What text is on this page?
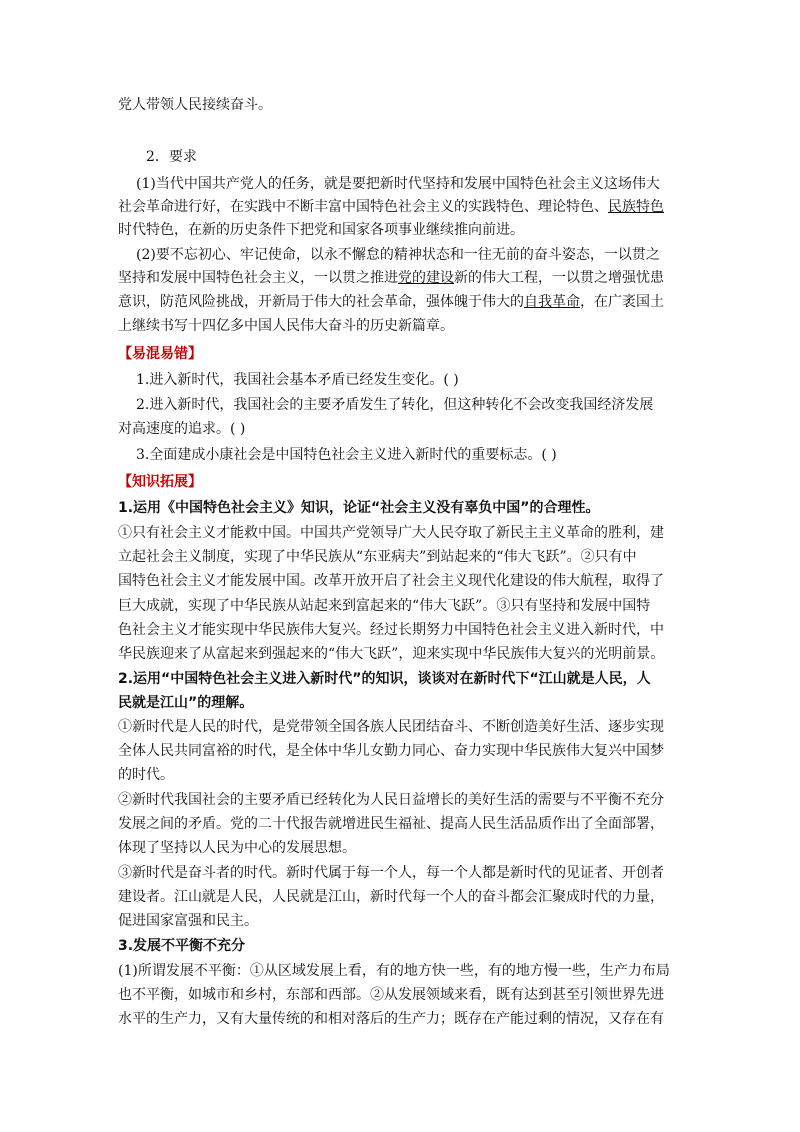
党人带领人民接续奋斗。
2．要求
(1)当代中国共产党人的任务，就是要把新时代坚持和发展中国特色社会主义这场伟大
社会革命进行好，在实践中不断丰富中国特色社会主义的实践特色、理论特色、民族特色
时代特色，在新的历史条件下把党和国家各项事业继续推向前进。
(2)要不忘初心、牢记使命，以永不懈怠的精神状态和一往无前的奋斗姿态，一以贯之
坚持和发展中国特色社会主义，一以贯之推进党的建设新的伟大工程，一以贯之增强忧患
意识，防范风险挑战，开新局于伟大的社会革命，强体魄于伟大的自我革命，在广袤国土
上继续书写十四亿多中国人民伟大奋斗的历史新篇章。
【易混易错】
1.进入新时代，我国社会基本矛盾已经发生变化。( )
2.进入新时代，我国社会的主要矛盾发生了转化，但这种转化不会改变我国经济发展
对高速度的追求。( )
3.全面建成小康社会是中国特色社会主义进入新时代的重要标志。( )
【知识拓展】
1.运用《中国特色社会主义》知识，论证“社会主义没有辜负中国”的合理性。
①只有社会主义才能救中国。中国共产党领导广大人民夺取了新民主主义革命的胜利，建
立起社会主义制度，实现了中华民族从“东亚病夫”到站起来的“伟大飞跃”。②只有中
国特色社会主义才能发展中国。改革开放开启了社会主义现代化建设的伟大航程，取得了
巨大成就，实现了中华民族从站起来到富起来的“伟大飞跃”。③只有坚持和发展中国特
色社会主义才能实现中华民族伟大复兴。经过长期努力中国特色社会主义进入新时代，中
华民族迎来了从富起来到强起来的“伟大飞跃”，迎来实现中华民族伟大复兴的光明前景。
2.运用“中国特色社会主义进入新时代”的知识，谈谈对在新时代下“江山就是人民，人
民就是江山”的理解。
①新时代是人民的时代，是党带领全国各族人民团结奋斗、不断创造美好生活、逐步实现
全体人民共同富裕的时代，是全体中华儿女勤力同心、奋力实现中华民族伟大复兴中国梦
的时代。
②新时代我国社会的主要矛盾已经转化为人民日益增长的美好生活的需要与不平衡不充分
发展之间的矛盾。党的二十代报告就增进民生福祉、提高人民生活品质作出了全面部署，
体现了坚持以人民为中心的发展思想。
③新时代是奋斗者的时代。新时代属于每一个人，每一个人都是新时代的见证者、开创者
建设者。江山就是人民，人民就是江山，新时代每一个人的奋斗都会汇聚成时代的力量，
促进国家富强和民主。
3.发展不平衡不充分
(1)所谓发展不平衡：①从区域发展上看，有的地方快一些，有的地方慢一些，生产力布局
也不平衡，如城市和乡村，东部和西部。②从发展领域来看，既有达到甚至引领世界先进
水平的生产力，又有大量传统的和相对落后的生产力；既存在产能过剩的情况，又存在有
